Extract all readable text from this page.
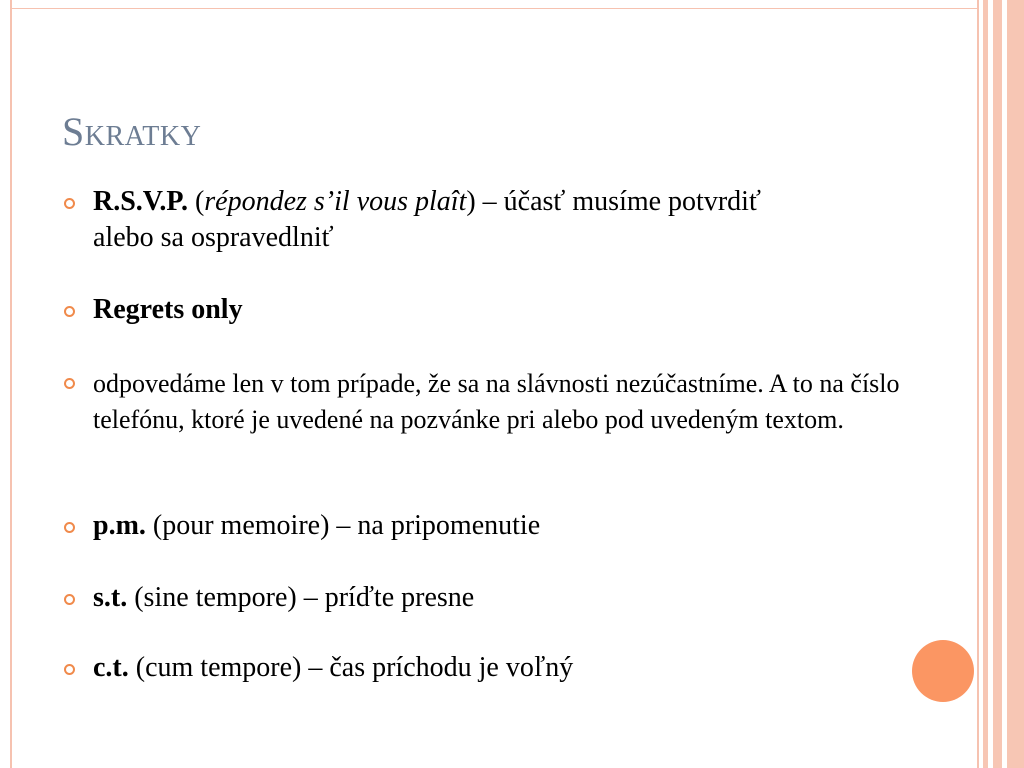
Skratky
R.S.V.P. (répondez s’il vous plaît) – účasť musíme potvrdiť alebo sa ospravedlniť
Regrets only
odpovedáme len v tom prípade, že sa na slávnosti nezúčastníme. A to na číslo telefónu, ktoré je uvedené na pozvánke pri alebo pod uvedeným textom.
p.m. (pour memoire) – na pripomenutie
s.t. (sine tempore) – príďte presne
c.t. (cum tempore) – čas príchodu je voľný
